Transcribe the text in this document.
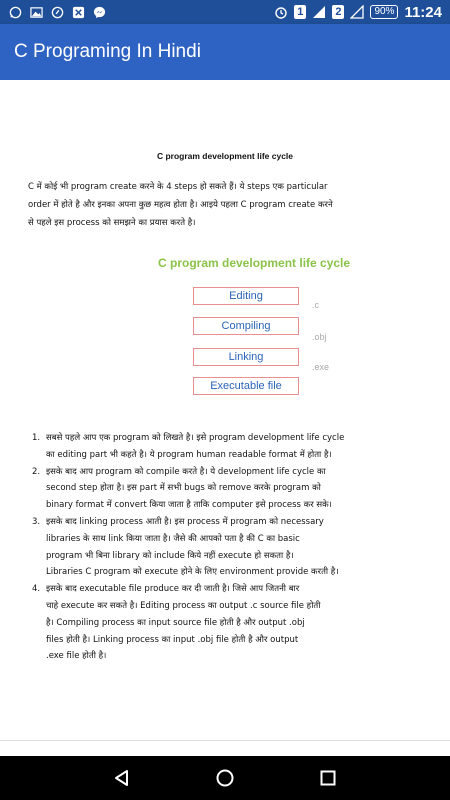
1	2	90% 11:24
C Programing In Hindi
C program development life cycle
C में कोई भी program create करने के 4 steps हो सकते हैं। ये steps एक particular
order में होते है और इनका अपना कुछ महत्व होता है। आइये पहला C program create करने
से पहले इस process को समझने का प्रयास करते है।
C program development life cycle
Editing
Compiling
Linking
Executable file
.c
.obj
.exe
1. सबसे पहले आप एक program को लिखते है। इसे program development life cycle
का editing part भी कहते है। ये program human readable format में होता है।
2. इसके बाद आप program को compile करते है। ये development life cycle का
second step होता है। इस part में सभी bugs को remove करके program को
binary format में convert किया जाता है ताकि computer इसे process कर सके।
3. इसके बाद linking process आती है। इस process में program को necessary
libraries के साथ link किया जाता है। जैसे की आपको पता है की C का basic
program भी बिना library को include किये नहीं execute हो सकता है।
Libraries C program को execute होने के लिए environment provide करती है।
4. इसके बाद executable file produce कर दी जाती है। जिसे आप जितनी बार
चाहे execute कर सकते है। Editing process का output .c source file होती
है। Compiling process का input source file होती है और output .obj
files होती है। Linking process का input .obj file होती है और output
.exe file होती है।
